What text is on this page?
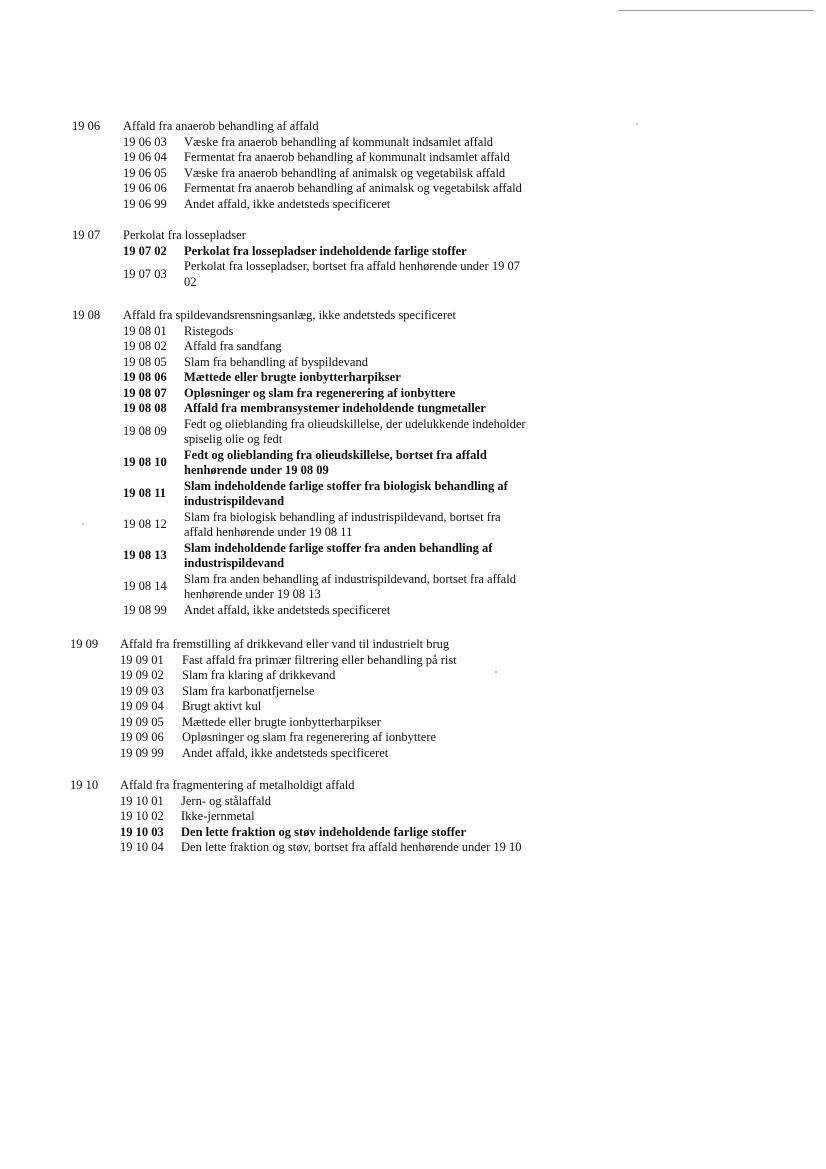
19 06 Affald fra anaerob behandling af affald
19 06 03 Væske fra anaerob behandling af kommunalt indsamlet affald
19 06 04 Fermentat fra anaerob behandling af kommunalt indsamlet affald
19 06 05 Væske fra anaerob behandling af animalsk og vegetabilsk affald
19 06 06 Fermentat fra anaerob behandling af animalsk og vegetabilsk affald
19 06 99 Andet affald, ikke andetsteds specificeret
19 07 Perkolat fra lossepladser
19 07 02 Perkolat fra lossepladser indeholdende farlige stoffer
19 07 03
Perkolat fra lossepladser, bortset fra affald henhørende under 19 07
02
19 08 Affald fra spildevandsrensningsanlæg, ikke andetsteds specificeret
19 08 01 Ristegods
19 08 02 Affald fra sandfang
19 08 05 Slam fra behandling af byspildevand
19 08 06 Mættede eller brugte ionbytterharpikser
19 08 07 Opløsninger og slam fra regenerering af ionbyttere
19 08 08 Affald fra membransystemer indeholdende tungmetaller
19 08 09
Fedt og olieblanding fra olieudskillelse, der udelukkende indeholder
spiselig olie og fedt
19 08 10
Fedt og olieblanding fra olieudskillelse, bortset fra affald
henhørende under 19 08 09
19 08 11
Slam indeholdende farlige stoffer fra biologisk behandling af
industrispildevand
19 08 12
Slam fra biologisk behandling af industrispildevand, bortset fra
affald henhørende under 19 08 11
19 08 13
Slam indeholdende farlige stoffer fra anden behandling af
industrispildevand
19 08 14
Slam fra anden behandling af industrispildevand, bortset fra affald
henhørende under 19 08 13
19 08 99 Andet affald, ikke andetsteds specificeret
19 09 Affald fra fremstilling af drikkevand eller vand til industrielt brug
19 09 01 Fast affald fra primær filtrering eller behandling på rist
19 09 02 Slam fra klaring af drikkevand
19 09 03 Slam fra karbonatfjernelse
19 09 04 Brugt aktivt kul
19 09 05 Mættede eller brugte ionbytterharpikser
19 09 06 Opløsninger og slam fra regenerering af ionbyttere
19 09 99 Andet affald, ikke andetsteds specificeret
19 10 Affald fra fragmentering af metalholdigt affald
19 10 01 Jern- og stålaffald
19 10 02 Ikke-jernmetal
19 10 03 Den lette fraktion og støv indeholdende farlige stoffer
19 10 04 Den lette fraktion og støv, bortset fra affald henhørende under 19 10
